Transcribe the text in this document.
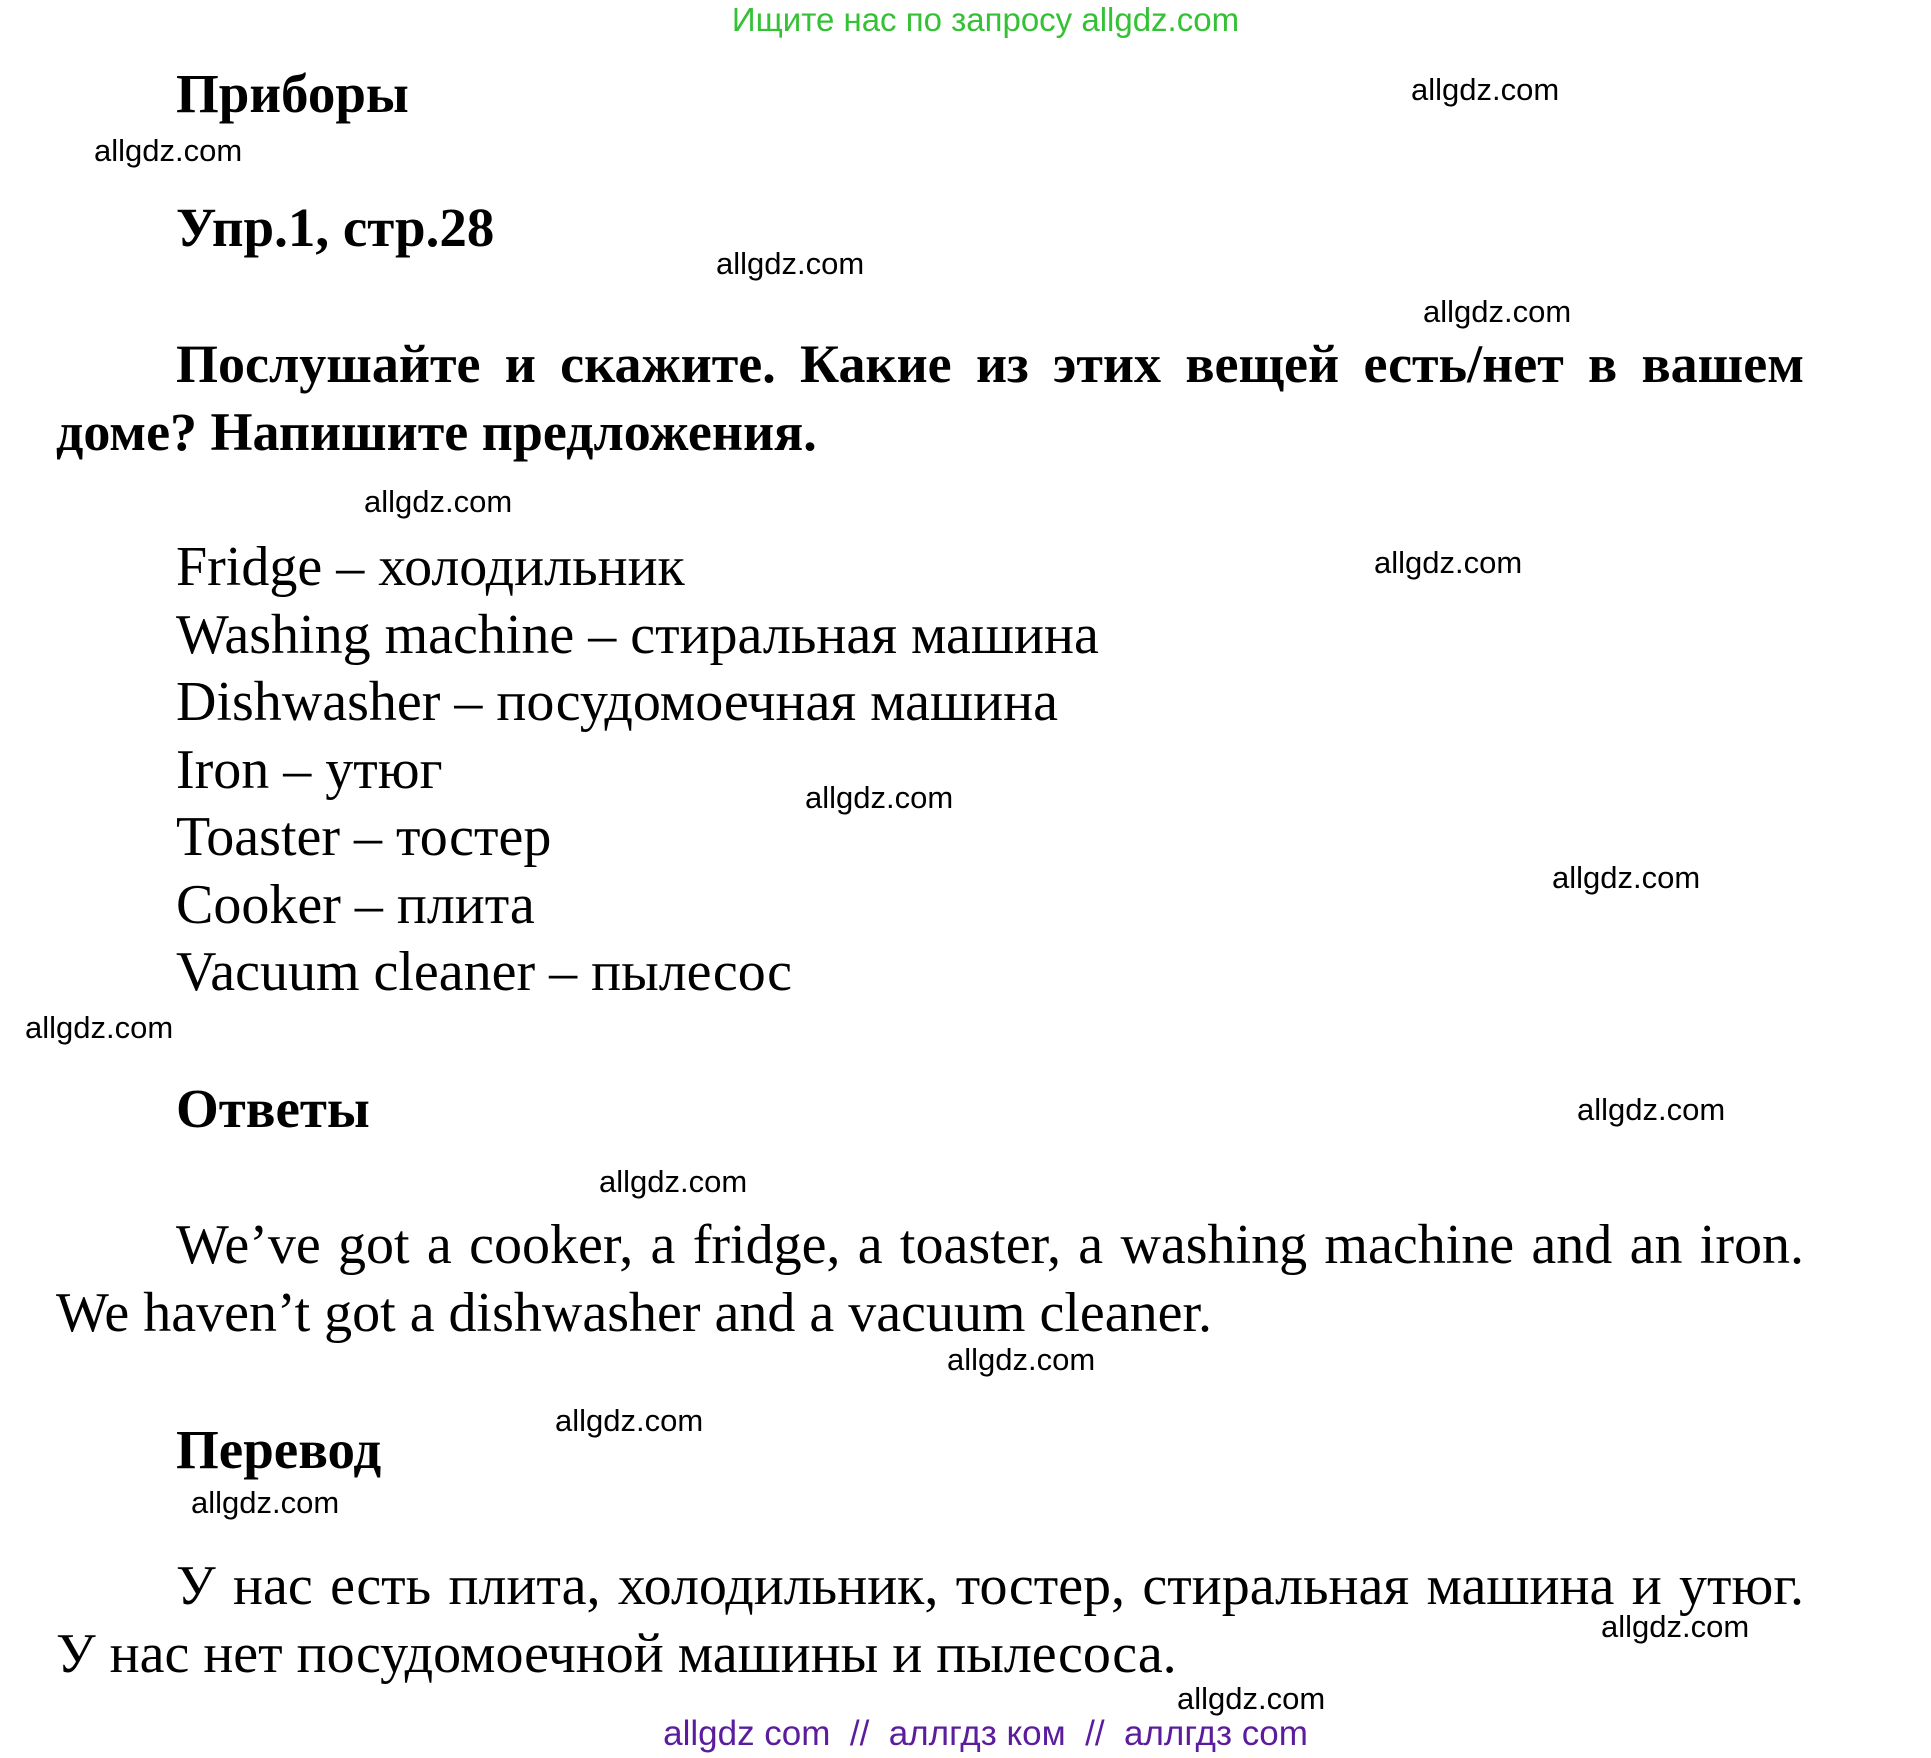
Ищите нас по запросу allgdz.com
Приборы
Упр.1, стр.28

Послушайте и скажите. Какие из этих вещей есть/нет в вашем доме? Напишите предложения.

Fridge – холодильник
Washing machine – стиральная машина
Dishwasher – посудомоечная машина
Iron – утюг
Toaster – тостер
Cooker – плита
Vacuum cleaner – пылесос
Ответы

We’ve got a cooker, a fridge, a toaster, a washing machine and an iron. We haven’t got a dishwasher and a vacuum cleaner.

Перевод

У нас есть плита, холодильник, тостер, стиральная машина и утюг. У нас нет посудомоечной машины и пылесоса.

allgdz.com
allgdz.com
allgdz.com
allgdz.com
allgdz.com
allgdz.com
allgdz.com
allgdz.com
allgdz.com
allgdz.com
allgdz.com
allgdz.com
allgdz.com
allgdz.com
allgdz.com
allgdz.com
allgdz com  //  аллгдз ком  //  аллгдз com
